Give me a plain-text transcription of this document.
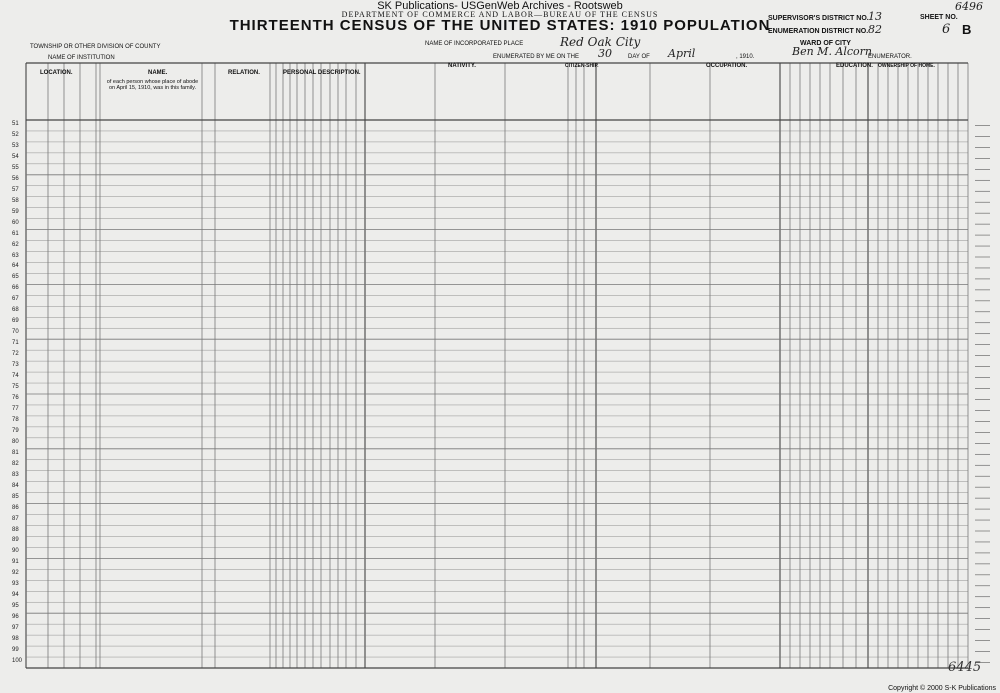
SK Publications- USGenWeb Archives - Rootsweb
DEPARTMENT OF COMMERCE AND LABOR—BUREAU OF THE CENSUS
THIRTEENTH CENSUS OF THE UNITED STATES: 1910 POPULATION
NAME OF INCORPORATED PLACE	Red Oak City
ENUMERATED BY ME ON THE 30	DAY OF April	, 1910.	Ben M. Alcorn
ENUMERATOR.
TOWNSHIP OR OTHER DIVISION OF COUNTY
NAME OF INSTITUTION
SUPERVISOR'S DISTRICT NO. 13
ENUMERATION DISTRICT NO. 82
WARD OF CITY
SHEET NO.
6 B
6496
LOCATION.	NAME.
of each person whose place of abode on April 15, 1910, was in this family.
RELATION.	PERSONAL DESCRIPTION.
NATIVITY.	CITIZEN-SHIP.	OCCUPATION.	EDUCATION. OWNERSHIP OF HOME.
51
52
53
54
55
56
57
58
59
60
61
62
63
64
65
66
67
68
69
70
71
72
73
74
75
76
77
78
79
80
81
82
83
84
85
86
87
88
89
90
91
92
93
94
95
96
97
98
99
100	6445
Copyright © 2000 S-K Publications
